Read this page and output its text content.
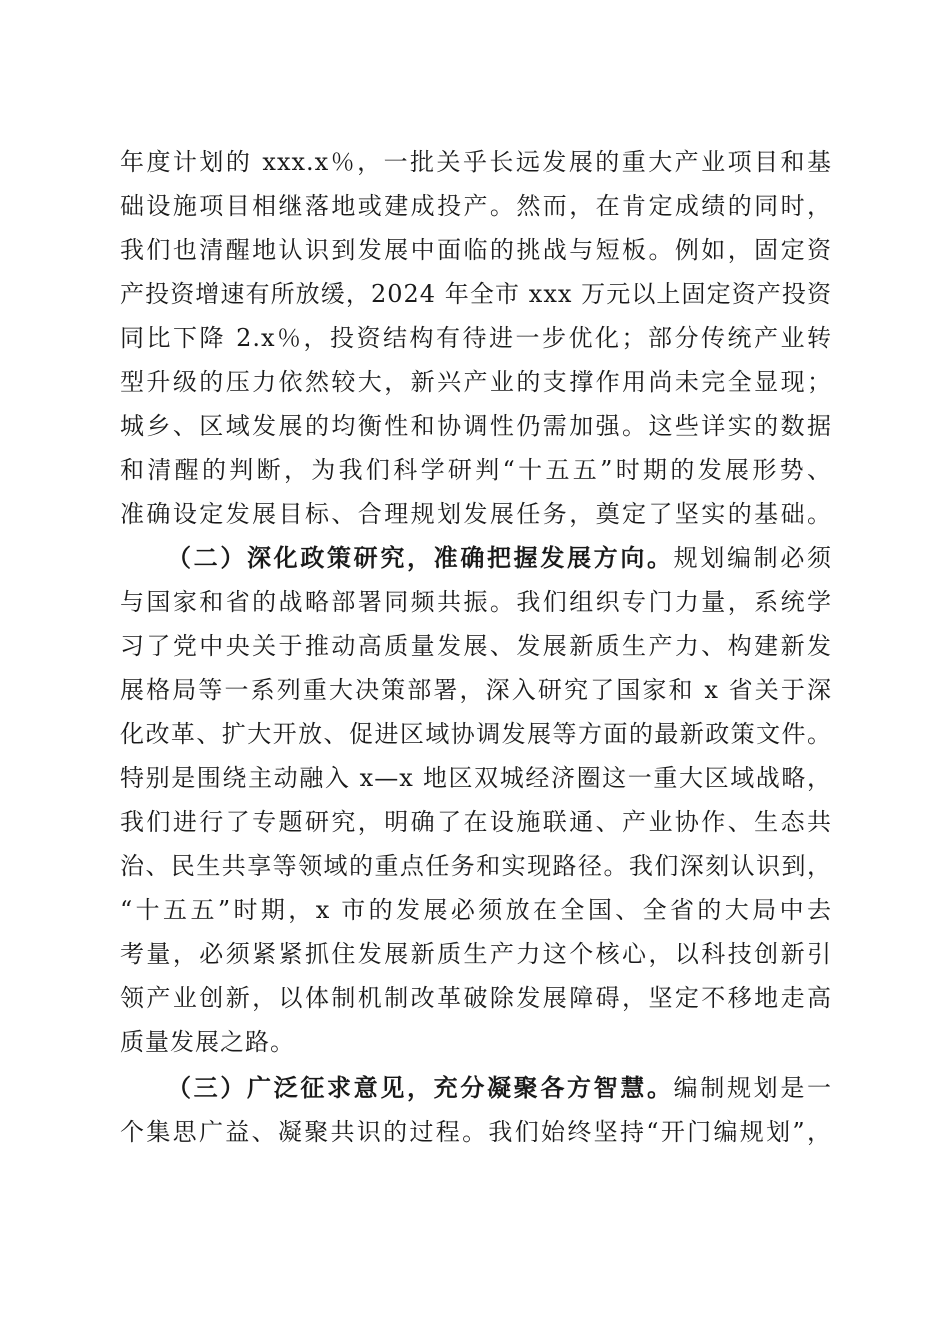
年度计划的 xxx.x％，一批关乎长远发展的重大产业项目和基
础设施项目相继落地或建成投产。然而，在肯定成绩的同时，
我们也清醒地认识到发展中面临的挑战与短板。例如，固定资
产投资增速有所放缓，2024 年全市 xxx 万元以上固定资产投资
同比下降 2.x％，投资结构有待进一步优化；部分传统产业转
型升级的压力依然较大，新兴产业的支撑作用尚未完全显现；
城乡、区域发展的均衡性和协调性仍需加强。这些详实的数据
和清醒的判断，为我们科学研判“十五五”时期的发展形势、
准确设定发展目标、合理规划发展任务，奠定了坚实的基础。
（二）深化政策研究，准确把握发展方向。规划编制必须
与国家和省的战略部署同频共振。我们组织专门力量，系统学
习了党中央关于推动高质量发展、发展新质生产力、构建新发
展格局等一系列重大决策部署，深入研究了国家和 x 省关于深
化改革、扩大开放、促进区域协调发展等方面的最新政策文件。
特别是围绕主动融入 x—x 地区双城经济圈这一重大区域战略，
我们进行了专题研究，明确了在设施联通、产业协作、生态共
治、民生共享等领域的重点任务和实现路径。我们深刻认识到，
“十五五”时期，x 市的发展必须放在全国、全省的大局中去
考量，必须紧紧抓住发展新质生产力这个核心，以科技创新引
领产业创新，以体制机制改革破除发展障碍，坚定不移地走高
质量发展之路。
（三）广泛征求意见，充分凝聚各方智慧。编制规划是一
个集思广益、凝聚共识的过程。我们始终坚持“开门编规划”，
